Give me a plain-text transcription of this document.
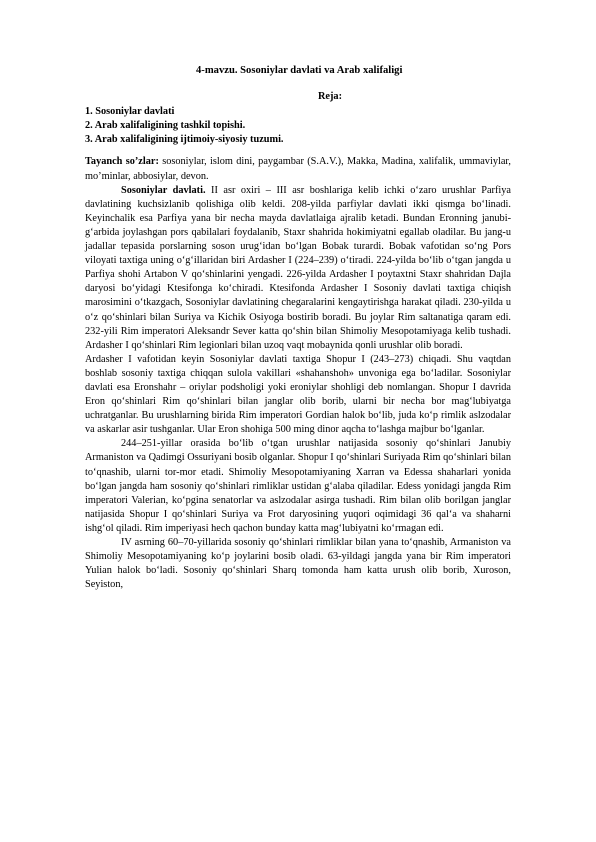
4-mavzu. Sosoniylar davlati va Arab xalifaligi
Reja:
1. Sosoniylar davlati
2. Arab xalifaligining tashkil topishi.
3. Arab xalifaligining ijtimoiy-siyosiy tuzumi.

Tayanch so’zlar: sosoniylar, islom dini, paygambar (S.A.V.), Makka, Madina, xalifalik, ummaviylar, mo’minlar, abbosiylar, devon.

Sosoniylar davlati. II asr oxiri – III asr boshlariga kelib ichki o‘zaro urushlar Parfiya davlatining kuchsizlanib qolishiga olib keldi. 208-yilda parfiylar davlati ikki qismga bo‘linadi. Keyinchalik esa Parfiya yana bir necha mayda davlatlaiga ajralib ketadi. Bundan Eronning janubi-g‘arbida joylashgan pors qabilalari foydalanib, Staxr shahrida hokimiyatni egallab oladilar. Bu jang-u jadallar tepasida porslarning soson urug‘idan bo‘lgan Bobak turardi. Bobak vafotidan so‘ng Pors viloyati taxtiga uning o‘g‘illaridan biri Ardasher I (224–239) o‘tiradi. 224-yilda bo‘lib o‘tgan jangda u Parfiya shohi Artabon V qo‘shinlarini yengadi. 226-yilda Ardasher I poytaxtni Staxr shahridan Dajla daryosi bo‘yidagi Ktesifonga ko‘chiradi. Ktesifonda Ardasher I Sosoniy davlati taxtiga chiqish marosimini o‘tkazgach, Sosoniylar davlatining chegaralarini kengaytirishga harakat qiladi. 230-yilda u o‘z qo‘shinlari bilan Suriya va Kichik Osiyoga bostirib boradi. Bu joylar Rim saltanatiga qaram edi. 232-yili Rim imperatori Aleksandr Sever katta qo‘shin bilan Shimoliy Mesopotamiyaga kelib tushadi. Ardasher I qo‘shinlari Rim legionlari bilan uzoq vaqt mobaynida qonli urushlar olib boradi.

Ardasher I vafotidan keyin Sosoniylar davlati taxtiga Shopur I (243–273) chiqadi. Shu vaqtdan boshlab sosoniy taxtiga chiqqan sulola vakillari «shahanshoh» unvoniga ega bo‘ladilar. Sosoniylar davlati esa Eronshahr – oriylar podsholigi yoki eroniylar shohligi deb nomlangan. Shopur I davrida Eron qo‘shinlari Rim qo‘shinlari bilan janglar olib borib, ularni bir necha bor mag‘lubiyatga uchratganlar. Bu urushlarning birida Rim imperatori Gordian halok bo‘lib, juda ko‘p rimlik aslzodalar va askarlar asir tushganlar. Ular Eron shohiga 500 ming dinor aqcha to‘lashga majbur bo‘lganlar.

244–251-yillar orasida bo‘lib o‘tgan urushlar natijasida sosoniy qo‘shinlari Janubiy Armaniston va Qadimgi Ossuriyani bosib olganlar. Shopur I qo‘shinlari Suriyada Rim qo‘shinlari bilan to‘qnashib, ularni tor-mor etadi. Shimoliy Mesopotamiyaning Xarran va Edessa shaharlari yonida bo‘lgan jangda ham sosoniy qo‘shinlari rimliklar ustidan g‘alaba qiladilar. Edess yonidagi jangda Rim imperatori Valerian, ko‘pgina senatorlar va aslzodalar asirga tushadi. Rim bilan olib borilgan janglar natijasida Shopur I qo‘shinlari Suriya va Frot daryosining yuqori oqimidagi 36 qal‘a va shaharni ishg‘ol qiladi. Rim imperiyasi hech qachon bunday katta mag‘lubiyatni ko‘rmagan edi.

IV asrning 60–70-yillarida sosoniy qo‘shinlari rimliklar bilan yana to‘qnashib, Armaniston va Shimoliy Mesopotamiyaning ko‘p joylarini bosib oladi. 63-yildagi jangda yana bir Rim imperatori Yulian halok bo‘ladi. Sosoniy qo‘shinlari Sharq tomonda ham katta urush olib borib, Xuroson, Seyiston,
